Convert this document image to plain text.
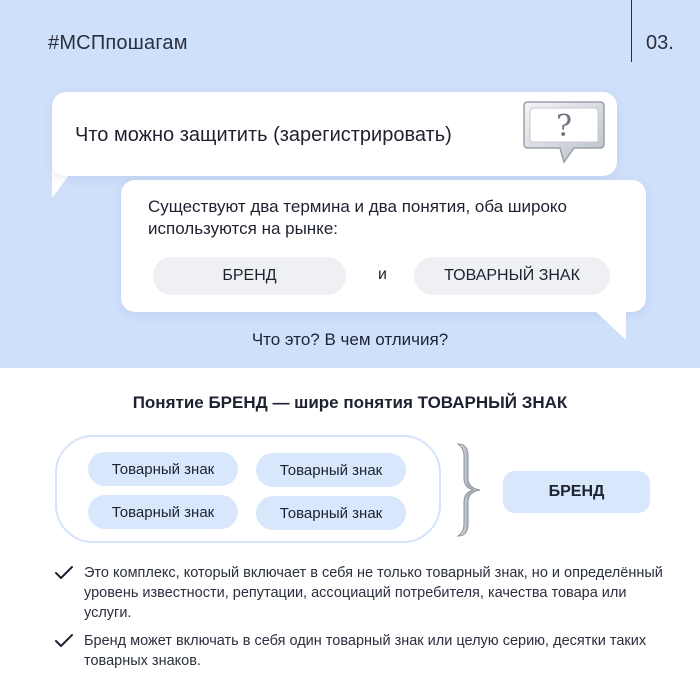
#МСПпошагам	03.
Что можно защитить (зарегистрировать)	?
Существуют два термина и два понятия, оба широко используются на рынке:
БРЕНД	и	ТОВАРНЫЙ ЗНАК
Что это? В чем отличия?
Понятие БРЕНД — шире понятия ТОВАРНЫЙ ЗНАК
Товарный знак	Товарный знак
Товарный знак	Товарный знак
БРЕНД
Это комплекс, который включает в себя не только товарный знак, но и определённый уровень известности, репутации, ассоциаций потребителя, качества товара или услуги.
Бренд может включать в себя один товарный знак или целую серию, десятки таких товарных знаков.
